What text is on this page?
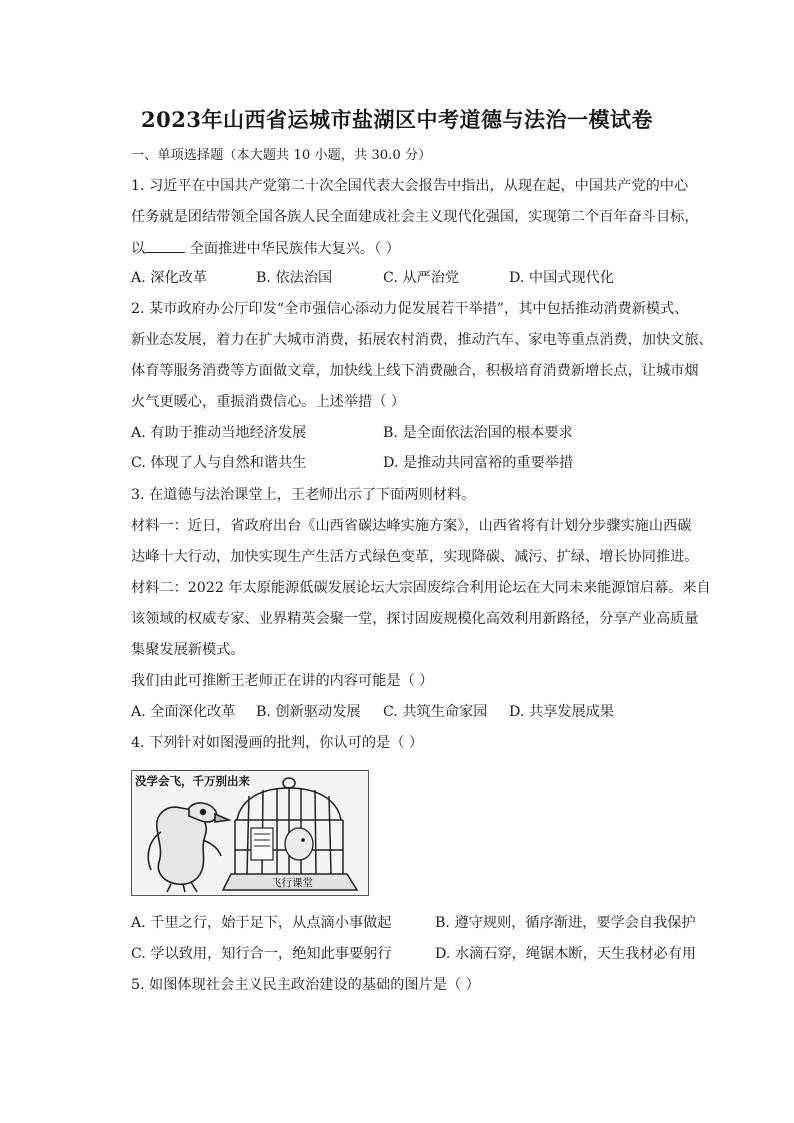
2023年山西省运城市盐湖区中考道德与法治一模试卷
一、单项选择题（本大题共 10 小题，共 30.0 分）
1. 习近平在中国共产党第二十次全国代表大会报告中指出，从现在起，中国共产党的中心
任务就是团结带领全国各族人民全面建成社会主义现代化强国，实现第二个百年奋斗目标，
以	全面推进中华民族伟大复兴。（ ）
A. 深化改革	B. 依法治国	C. 从严治党	D. 中国式现代化
2. 某市政府办公厅印发“全市强信心添动力促发展若干举措”，其中包括推动消费新模式、
新业态发展，着力在扩大城市消费，拓展农村消费，推动汽车、家电等重点消费，加快文旅、
体育等服务消费等方面做文章，加快线上线下消费融合，积极培育消费新增长点，让城市烟
火气更暖心，重振消费信心。上述举措（ ）
A. 有助于推动当地经济发展	B. 是全面依法治国的根本要求
C. 体现了人与自然和谐共生	D. 是推动共同富裕的重要举措
3. 在道德与法治课堂上，王老师出示了下面两则材料。
材料一：近日，省政府出台《山西省碳达峰实施方案》，山西省将有计划分步骤实施山西碳
达峰十大行动，加快实现生产生活方式绿色变革，实现降碳、减污、扩绿、增长协同推进。
材料二：2022 年太原能源低碳发展论坛大宗固废综合利用论坛在大同未来能源馆启幕。来自
该领域的权威专家、业界精英会聚一堂，探讨固废规模化高效利用新路径，分享产业高质量
集聚发展新模式。
我们由此可推断王老师正在讲的内容可能是（ ）
A. 全面深化改革 B. 创新驱动发展 C. 共筑生命家园 D. 共享发展成果
4. 下列针对如图漫画的批判，你认可的是（ ）
没学会飞，千万别出来
飞行课堂
A. 千里之行，始于足下，从点滴小事做起	B. 遵守规则，循序渐进，要学会自我保护
C. 学以致用，知行合一，绝知此事要躬行	D. 水滴石穿，绳锯木断，天生我材必有用
5. 如图体现社会主义民主政治建设的基础的图片是（ ）
